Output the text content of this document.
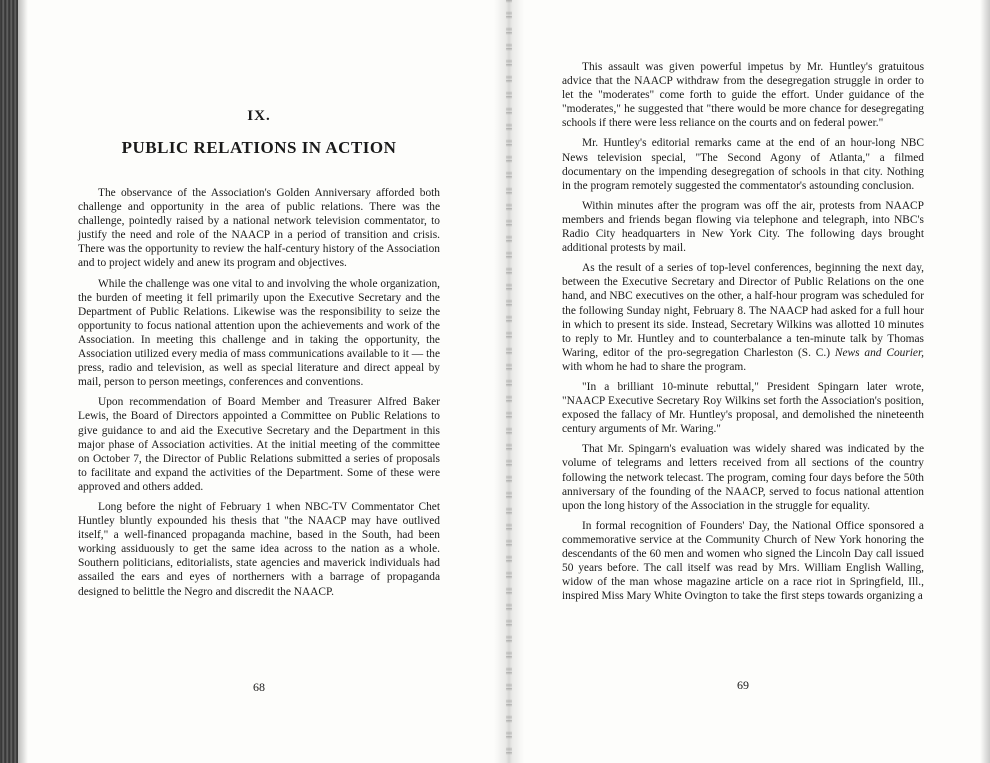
IX.
PUBLIC RELATIONS IN ACTION

The observance of the Association's Golden Anniversary afforded both challenge and opportunity in the area of public relations. There was the challenge, pointedly raised by a national network television commentator, to justify the need and role of the NAACP in a period of transition and crisis. There was the opportunity to review the half-century history of the Association and to project widely and anew its program and objectives.

While the challenge was one vital to and involving the whole organization, the burden of meeting it fell primarily upon the Executive Secretary and the Department of Public Relations. Likewise was the responsibility to seize the opportunity to focus national attention upon the achievements and work of the Association. In meeting this challenge and in taking the opportunity, the Association utilized every media of mass communications available to it — the press, radio and television, as well as special literature and direct appeal by mail, person to person meetings, conferences and conventions.

Upon recommendation of Board Member and Treasurer Alfred Baker Lewis, the Board of Directors appointed a Committee on Public Relations to give guidance to and aid the Executive Secretary and the Department in this major phase of Association activities. At the initial meeting of the committee on October 7, the Director of Public Relations submitted a series of proposals to facilitate and expand the activities of the Department. Some of these were approved and others added.

Long before the night of February 1 when NBC-TV Commentator Chet Huntley bluntly expounded his thesis that "the NAACP may have outlived itself," a well-financed propaganda machine, based in the South, had been working assiduously to get the same idea across to the nation as a whole. Southern politicians, editorialists, state agencies and maverick individuals had assailed the ears and eyes of northerners with a barrage of propaganda designed to belittle the Negro and discredit the NAACP.

68

This assault was given powerful impetus by Mr. Huntley's gratuitous advice that the NAACP withdraw from the desegregation struggle in order to let the "moderates" come forth to guide the effort. Under guidance of the "moderates," he suggested that "there would be more chance for desegregating schools if there were less reliance on the courts and on federal power."

Mr. Huntley's editorial remarks came at the end of an hour-long NBC News television special, "The Second Agony of Atlanta," a filmed documentary on the impending desegregation of schools in that city. Nothing in the program remotely suggested the commentator's astounding conclusion.

Within minutes after the program was off the air, protests from NAACP members and friends began flowing via telephone and telegraph, into NBC's Radio City headquarters in New York City. The following days brought additional protests by mail.

As the result of a series of top-level conferences, beginning the next day, between the Executive Secretary and Director of Public Relations on the one hand, and NBC executives on the other, a half-hour program was scheduled for the following Sunday night, February 8. The NAACP had asked for a full hour in which to present its side. Instead, Secretary Wilkins was allotted 10 minutes to reply to Mr. Huntley and to counterbalance a ten-minute talk by Thomas Waring, editor of the pro-segregation Charleston (S. C.) News and Courier, with whom he had to share the program.

"In a brilliant 10-minute rebuttal," President Spingarn later wrote, "NAACP Executive Secretary Roy Wilkins set forth the Association's position, exposed the fallacy of Mr. Huntley's proposal, and demolished the nineteenth century arguments of Mr. Waring."

That Mr. Spingarn's evaluation was widely shared was indicated by the volume of telegrams and letters received from all sections of the country following the network telecast. The program, coming four days before the 50th anniversary of the founding of the NAACP, served to focus national attention upon the long history of the Association in the struggle for equality.

In formal recognition of Founders' Day, the National Office sponsored a commemorative service at the Community Church of New York honoring the descendants of the 60 men and women who signed the Lincoln Day call issued 50 years before. The call itself was read by Mrs. William English Walling, widow of the man whose magazine article on a race riot in Springfield, Ill., inspired Miss Mary White Ovington to take the first steps towards organizing a

69
